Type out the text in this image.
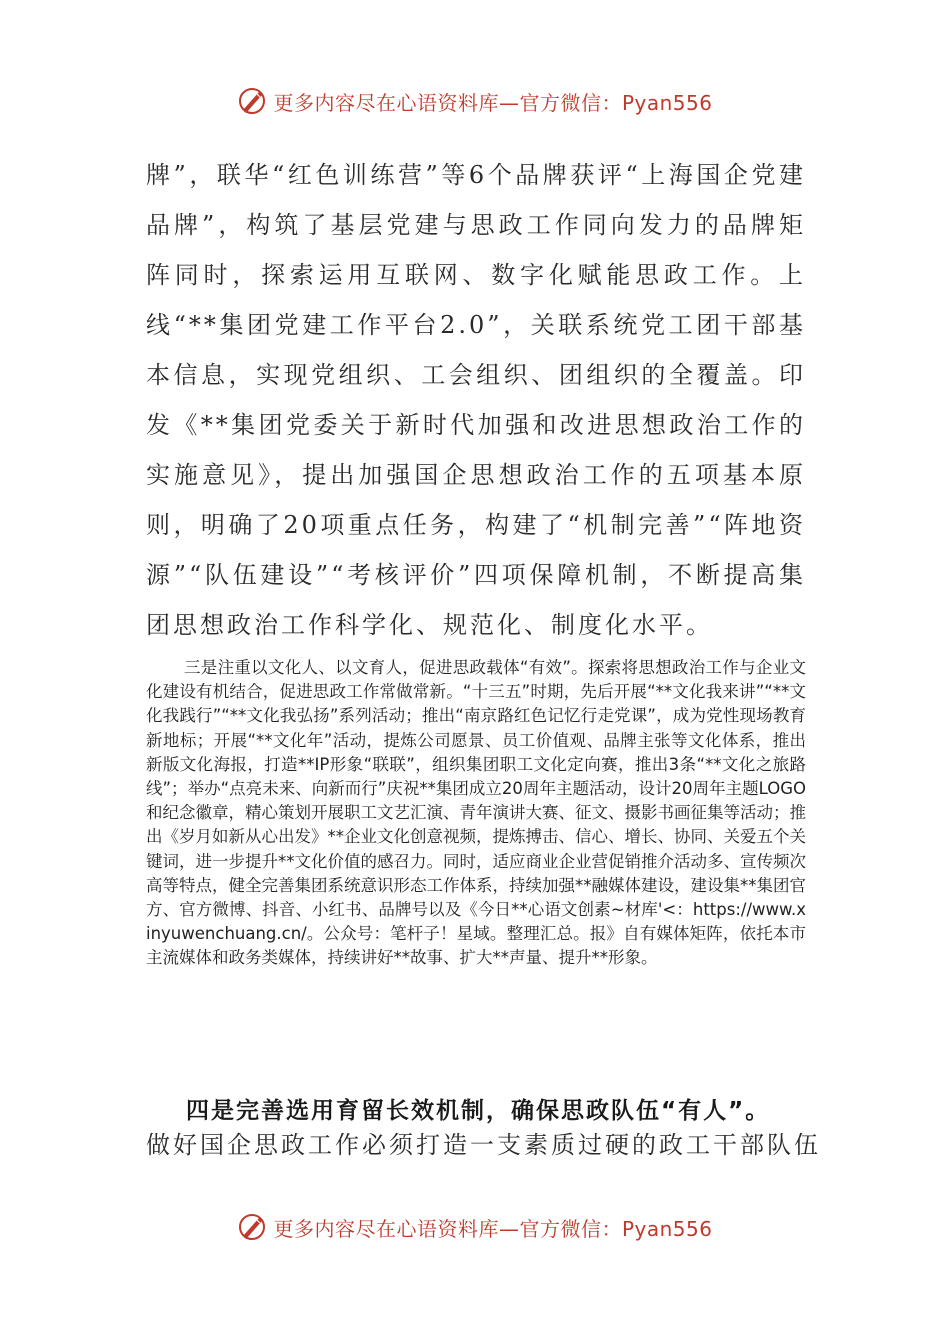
更多内容尽在心语资料库—官方微信：Pyan556

牌”，联华“红色训练营”等6个品牌获评“上海国企党建品牌”，构筑了基层党建与思政工作同向发力的品牌矩阵同时，探索运用互联网、数字化赋能思政工作。上线“**集团党建工作平台2.0”，关联系统党工团干部基本信息，实现党组织、工会组织、团组织的全覆盖。印发《**集团党委关于新时代加强和改进思想政治工作的实施意见》，提出加强国企思想政治工作的五项基本原则，明确了20项重点任务，构建了“机制完善”“阵地资源”“队伍建设”“考核评价”四项保障机制，不断提高集团思想政治工作科学化、规范化、制度化水平。

三是注重以文化人、以文育人，促进思政载体“有效”。探索将思想政治工作与企业文化建设有机结合，促进思政工作常做常新。“十三五”时期，先后开展“**文化我来讲”“**文化我践行”“**文化我弘扬”系列活动；推出“南京路红色记忆行走党课”，成为党性现场教育新地标；开展“**文化年”活动，提炼公司愿景、员工价值观、品牌主张等文化体系，推出新版文化海报，打造**IP形象“联联”，组织集团职工文化定向赛，推出3条“**文化之旅路线”；举办“点亮未来、向新而行”庆祝**集团成立20周年主题活动，设计20周年主题LOGO和纪念徽章，精心策划开展职工文艺汇演、青年演讲大赛、征文、摄影书画征集等活动；推出《岁月如新从心出发》**企业文化创意视频，提炼搏击、信心、增长、协同、关爱五个关键词，进一步提升**文化价值的感召力。同时，适应商业企业营促销推介活动多、宣传频次高等特点，健全完善集团系统意识形态工作体系，持续加强**融媒体建设，建设集**集团官方、官方微博、抖音、小红书、品牌号以及《今日**心语文创素~材库'<：https://www.xinyuwenchuang.cn/。公众号：笔杆子！星域。整理汇总。报》自有媒体矩阵，依托本市主流媒体和政务类媒体，持续讲好**故事、扩大**声量、提升**形象。

四是完善选用育留长效机制，确保思政队伍“有人”。

做好国企思政工作必须打造一支素质过硬的政工干部队伍

更多内容尽在心语资料库—官方微信：Pyan556
